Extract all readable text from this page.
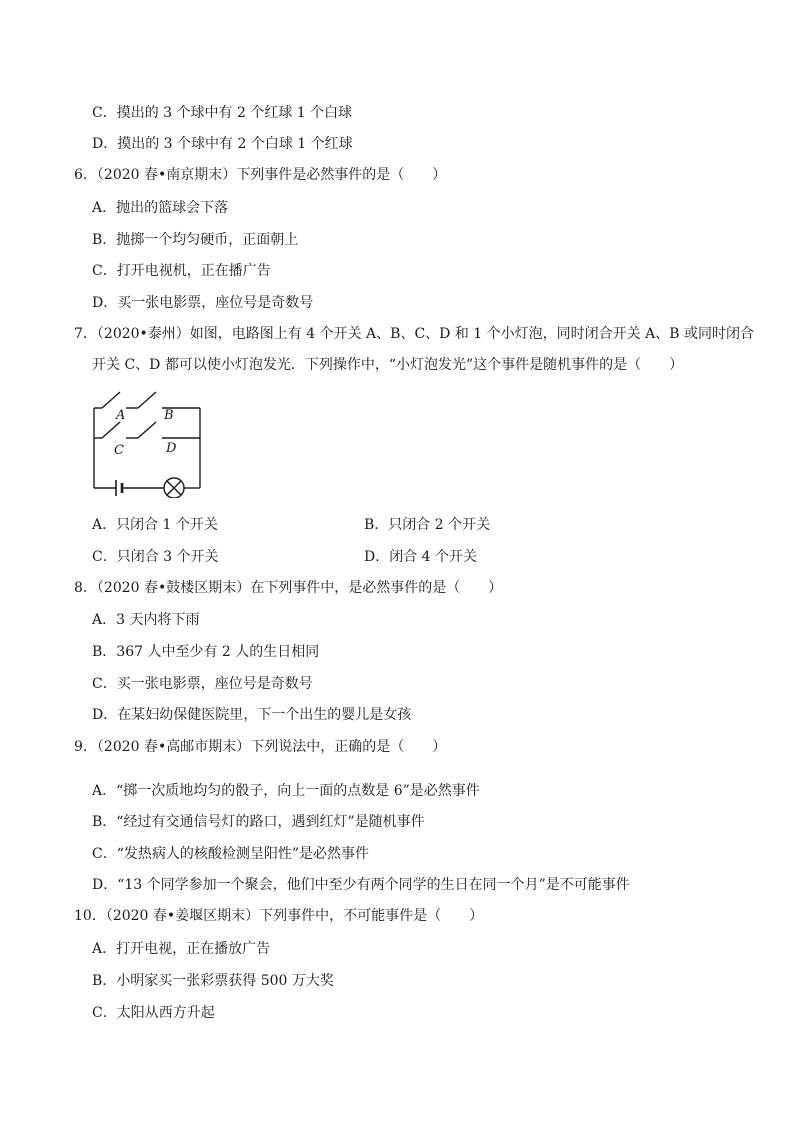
C．摸出的 3 个球中有 2 个红球 1 个白球
D．摸出的 3 个球中有 2 个白球 1 个红球
6．（2020 春•南京期末）下列事件是必然事件的是（　　）
A．抛出的篮球会下落
B．抛掷一个均匀硬币，正面朝上
C．打开电视机，正在播广告
D．买一张电影票，座位号是奇数号
7．（2020•泰州）如图，电路图上有 4 个开关 A、B、C、D 和 1 个小灯泡，同时闭合开关 A、B 或同时闭合
开关 C、D 都可以使小灯泡发光．下列操作中，“小灯泡发光”这个事件是随机事件的是（　　）
A	B
C	D
A．只闭合 1 个开关	B．只闭合 2 个开关
C．只闭合 3 个开关	D．闭合 4 个开关
8．（2020 春•鼓楼区期末）在下列事件中，是必然事件的是（　　）
A．3 天内将下雨
B．367 人中至少有 2 人的生日相同
C．买一张电影票，座位号是奇数号
D．在某妇幼保健医院里，下一个出生的婴儿是女孩
9．（2020 春•高邮市期末）下列说法中，正确的是（　　）
A．“掷一次质地均匀的骰子，向上一面的点数是 6”是必然事件
B．“经过有交通信号灯的路口，遇到红灯”是随机事件
C．“发热病人的核酸检测呈阳性”是必然事件
D．“13 个同学参加一个聚会，他们中至少有两个同学的生日在同一个月”是不可能事件
10．（2020 春•姜堰区期末）下列事件中，不可能事件是（　　）
A．打开电视，正在播放广告
B．小明家买一张彩票获得 500 万大奖
C．太阳从西方升起
